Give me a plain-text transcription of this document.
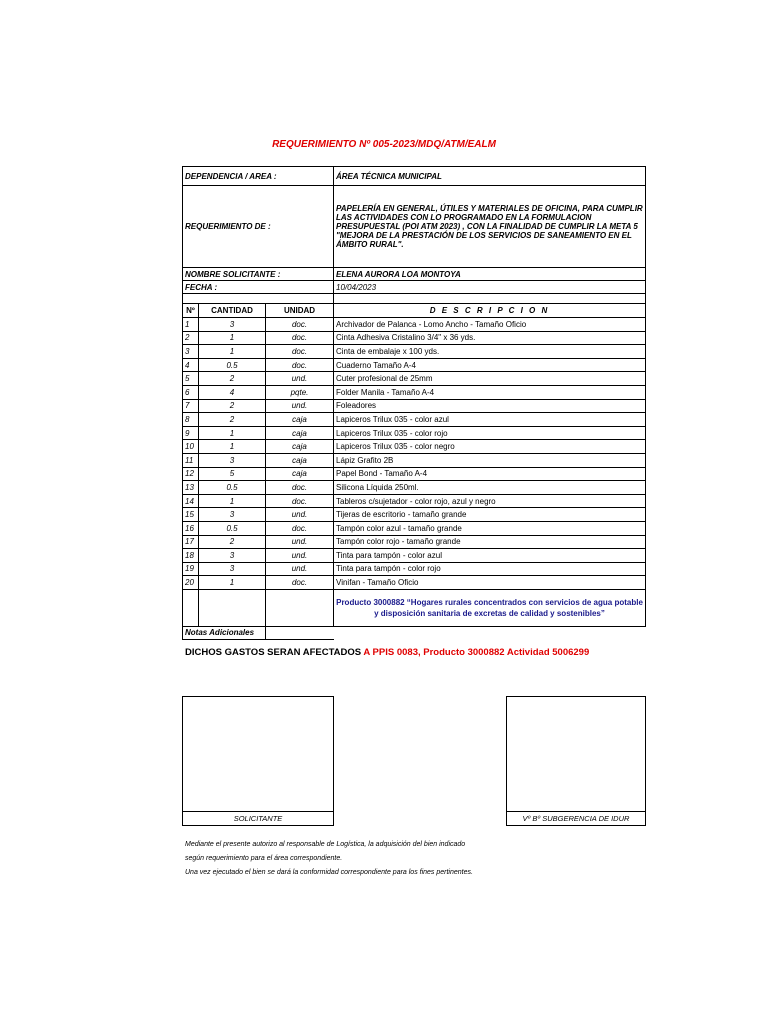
REQUERIMIENTO Nº 005-2023/MDQ/ATM/EALM
DEPENDENCIA / AREA :			ÁREA TÉCNICA MUNICIPAL
REQUERIMIENTO DE :			PAPELERÍA EN GENERAL, ÚTILES Y MATERIALES DE OFICINA, PARA CUMPLIR LAS ACTIVIDADES CON LO PROGRAMADO EN LA FORMULACION PRESUPUESTAL (POI ATM 2023) , CON LA FINALIDAD DE CUMPLIR LA META 5 "MEJORA DE LA PRESTACIÓN DE LOS SERVICIOS DE SANEAMIENTO EN EL ÁMBITO RURAL".
NOMBRE SOLICITANTE :			ELENA AURORA LOA MONTOYA
FECHA :			10/04/2023

Nº	CANTIDAD	UNIDAD	D E S C R I P C I O N
1	3	doc.	Archivador de Palanca - Lomo Ancho - Tamaño Oficio
2	1	doc.	Cinta Adhesiva Cristalino 3/4" x 36 yds.
3	1	doc.	Cinta de embalaje x 100 yds.
4	0.5	doc.	Cuaderno Tamaño A-4
5	2	und.	Cuter profesional de 25mm
6	4	pqte.	Folder Manila - Tamaño A-4
7	2	und.	Foleadores
8	2	caja	Lapiceros Trilux 035 - color azul
9	1	caja	Lapiceros Trilux 035 - color rojo
10	1	caja	Lapiceros Trilux 035 - color negro
11	3	caja	Lápiz Grafito 2B
12	5	caja	Papel Bond - Tamaño A-4
13	0.5	doc.	Silicona Líquida 250ml.
14	1	doc.	Tableros c/sujetador - color rojo, azul y negro
15	3	und.	Tijeras de escritorio - tamaño grande
16	0.5	doc.	Tampón color azul - tamaño grande
17	2	und.	Tampón color rojo - tamaño grande
18	3	und.	Tinta para tampón - color azul
19	3	und.	Tinta para tampón - color rojo
20	1	doc.	Vinifan - Tamaño Oficio
			Producto 3000882 “Hogares rurales concentrados con servicios de agua potable y disposición sanitaria de excretas de calidad y sostenibles”
Notas Adicionales			
DICHOS GASTOS SERAN AFECTADOS A PPIS 0083, Producto 3000882 Actividad 5006299
SOLICITANTE	Vº Bº SUBGERENCIA DE IDUR
Mediante el presente autorizo al responsable de Logística, la adquisición del bien indicado
según requerimiento para el área correspondiente.
Una vez ejecutado el bien se dará la conformidad correspondiente para los fines pertinentes.
